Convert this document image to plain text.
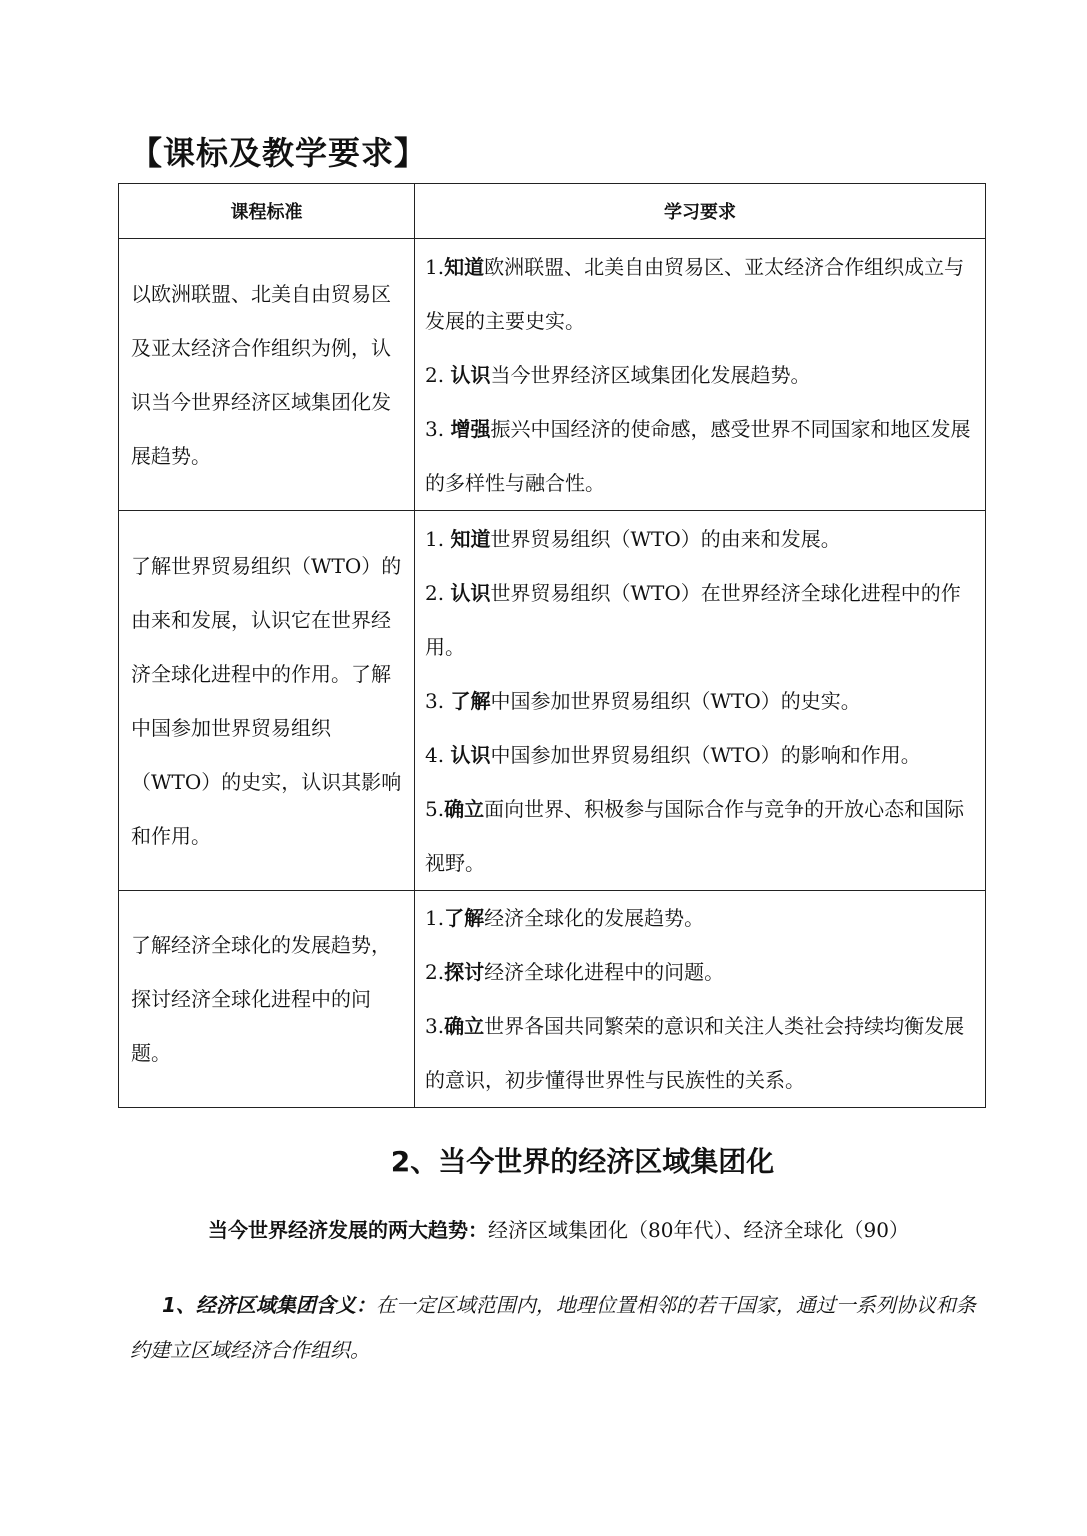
【课标及教学要求】
课程标准	学习要求
以欧洲联盟、北美自由贸易区及亚太经济合作组织为例，认识当今世界经济区域集团化发展趋势。	1.知道欧洲联盟、北美自由贸易区、亚太经济合作组织成立与发展的主要史实。
2. 认识当今世界经济区域集团化发展趋势。
3. 增强振兴中国经济的使命感，感受世界不同国家和地区发展的多样性与融合性。

了解世界贸易组织（WTO）的由来和发展，认识它在世界经济全球化进程中的作用。了解中国参加世界贸易组织（WTO）的史实，认识其影响和作用。	1. 知道世界贸易组织（WTO）的由来和发展。
2. 认识世界贸易组织（WTO）在世界经济全球化进程中的作用。
3. 了解中国参加世界贸易组织（WTO）的史实。
4. 认识中国参加世界贸易组织（WTO）的影响和作用。
5.确立面向世界、积极参与国际合作与竞争的开放心态和国际视野。

了解经济全球化的发展趋势，探讨经济全球化进程中的问题。	1.了解经济全球化的发展趋势。
2.探讨经济全球化进程中的问题。
3.确立世界各国共同繁荣的意识和关注人类社会持续均衡发展的意识，初步懂得世界性与民族性的关系。
2、当今世界的经济区域集团化

当今世界经济发展的两大趋势：经济区域集团化（80年代）、经济全球化（90）

1、经济区域集团含义：在一定区域范围内，地理位置相邻的若干国家，通过一系列协议和条约建立区域经济合作组织。
